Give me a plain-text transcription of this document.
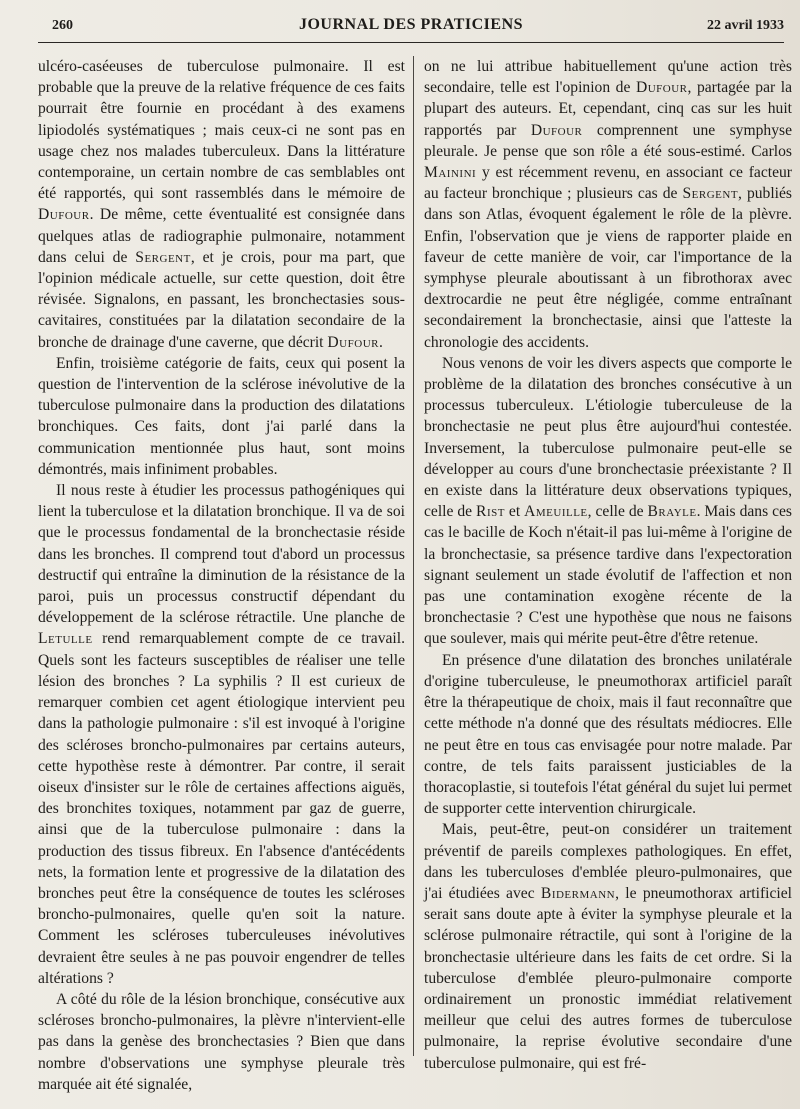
260	JOURNAL DES PRATICIENS	22 avril 1933

ulcéro-caséeuses de tuberculose pulmonaire. Il est probable que la preuve de la relative fréquence de ces faits pourrait être fournie en procédant à des examens lipiodolés systématiques ; mais ceux-ci ne sont pas en usage chez nos malades tuberculeux. Dans la littérature contemporaine, un certain nombre de cas semblables ont été rapportés, qui sont rassemblés dans le mémoire de Dufour. De même, cette éventualité est consignée dans quelques atlas de radiographie pulmonaire, notamment dans celui de Sergent, et je crois, pour ma part, que l'opinion médicale actuelle, sur cette question, doit être révisée. Signalons, en passant, les bronchectasies sous-cavitaires, constituées par la dilatation secondaire de la bronche de drainage d'une caverne, que décrit Dufour.

Enfin, troisième catégorie de faits, ceux qui posent la question de l'intervention de la sclérose inévolutive de la tuberculose pulmonaire dans la production des dilatations bronchiques. Ces faits, dont j'ai parlé dans la communication mentionnée plus haut, sont moins démontrés, mais infiniment probables.

Il nous reste à étudier les processus pathogéniques qui lient la tuberculose et la dilatation bronchique. Il va de soi que le processus fondamental de la bronchectasie réside dans les bronches. Il comprend tout d'abord un processus destructif qui entraîne la diminution de la résistance de la paroi, puis un processus constructif dépendant du développement de la sclérose rétractile. Une planche de Letulle rend remarquablement compte de ce travail. Quels sont les facteurs susceptibles de réaliser une telle lésion des bronches ? La syphilis ? Il est curieux de remarquer combien cet agent étiologique intervient peu dans la pathologie pulmonaire : s'il est invoqué à l'origine des scléroses broncho-pulmonaires par certains auteurs, cette hypothèse reste à démontrer. Par contre, il serait oiseux d'insister sur le rôle de certaines affections aiguës, des bronchites toxiques, notamment par gaz de guerre, ainsi que de la tuberculose pulmonaire : dans la production des tissus fibreux. En l'absence d'antécédents nets, la formation lente et progressive de la dilatation des bronches peut être la conséquence de toutes les scléroses broncho-pulmonaires, quelle qu'en soit la nature. Comment les scléroses tuberculeuses inévolutives devraient être seules à ne pas pouvoir engendrer de telles altérations ?

A côté du rôle de la lésion bronchique, consécutive aux scléroses broncho-pulmonaires, la plèvre n'intervient-elle pas dans la genèse des bronchectasies ? Bien que dans nombre d'observations une symphyse pleurale très marquée ait été signalée,

on ne lui attribue habituellement qu'une action très secondaire, telle est l'opinion de Dufour, partagée par la plupart des auteurs. Et, cependant, cinq cas sur les huit rapportés par Dufour comprennent une symphyse pleurale. Je pense que son rôle a été sous-estimé. Carlos Mainini y est récemment revenu, en associant ce facteur au facteur bronchique ; plusieurs cas de Sergent, publiés dans son Atlas, évoquent également le rôle de la plèvre. Enfin, l'observation que je viens de rapporter plaide en faveur de cette manière de voir, car l'importance de la symphyse pleurale aboutissant à un fibrothorax avec dextrocardie ne peut être négligée, comme entraînant secondairement la bronchectasie, ainsi que l'atteste la chronologie des accidents.

Nous venons de voir les divers aspects que comporte le problème de la dilatation des bronches consécutive à un processus tuberculeux. L'étiologie tuberculeuse de la bronchectasie ne peut plus être aujourd'hui contestée. Inversement, la tuberculose pulmonaire peut-elle se développer au cours d'une bronchectasie préexistante ? Il en existe dans la littérature deux observations typiques, celle de Rist et Ameuille, celle de Brayle. Mais dans ces cas le bacille de Koch n'était-il pas lui-même à l'origine de la bronchectasie, sa présence tardive dans l'expectoration signant seulement un stade évolutif de l'affection et non pas une contamination exogène récente de la bronchectasie ? C'est une hypothèse que nous ne faisons que soulever, mais qui mérite peut-être d'être retenue.

En présence d'une dilatation des bronches unilatérale d'origine tuberculeuse, le pneumothorax artificiel paraît être la thérapeutique de choix, mais il faut reconnaître que cette méthode n'a donné que des résultats médiocres. Elle ne peut être en tous cas envisagée pour notre malade. Par contre, de tels faits paraissent justiciables de la thoracoplastie, si toutefois l'état général du sujet lui permet de supporter cette intervention chirurgicale.

Mais, peut-être, peut-on considérer un traitement préventif de pareils complexes pathologiques. En effet, dans les tuberculoses d'emblée pleuro-pulmonaires, que j'ai étudiées avec Bidermann, le pneumothorax artificiel serait sans doute apte à éviter la symphyse pleurale et la sclérose pulmonaire rétractile, qui sont à l'origine de la bronchectasie ultérieure dans les faits de cet ordre. Si la tuberculose d'emblée pleuro-pulmonaire comporte ordinairement un pronostic immédiat relativement meilleur que celui des autres formes de tuberculose pulmonaire, la reprise évolutive secondaire d'une tuberculose pulmonaire, qui est fré-
